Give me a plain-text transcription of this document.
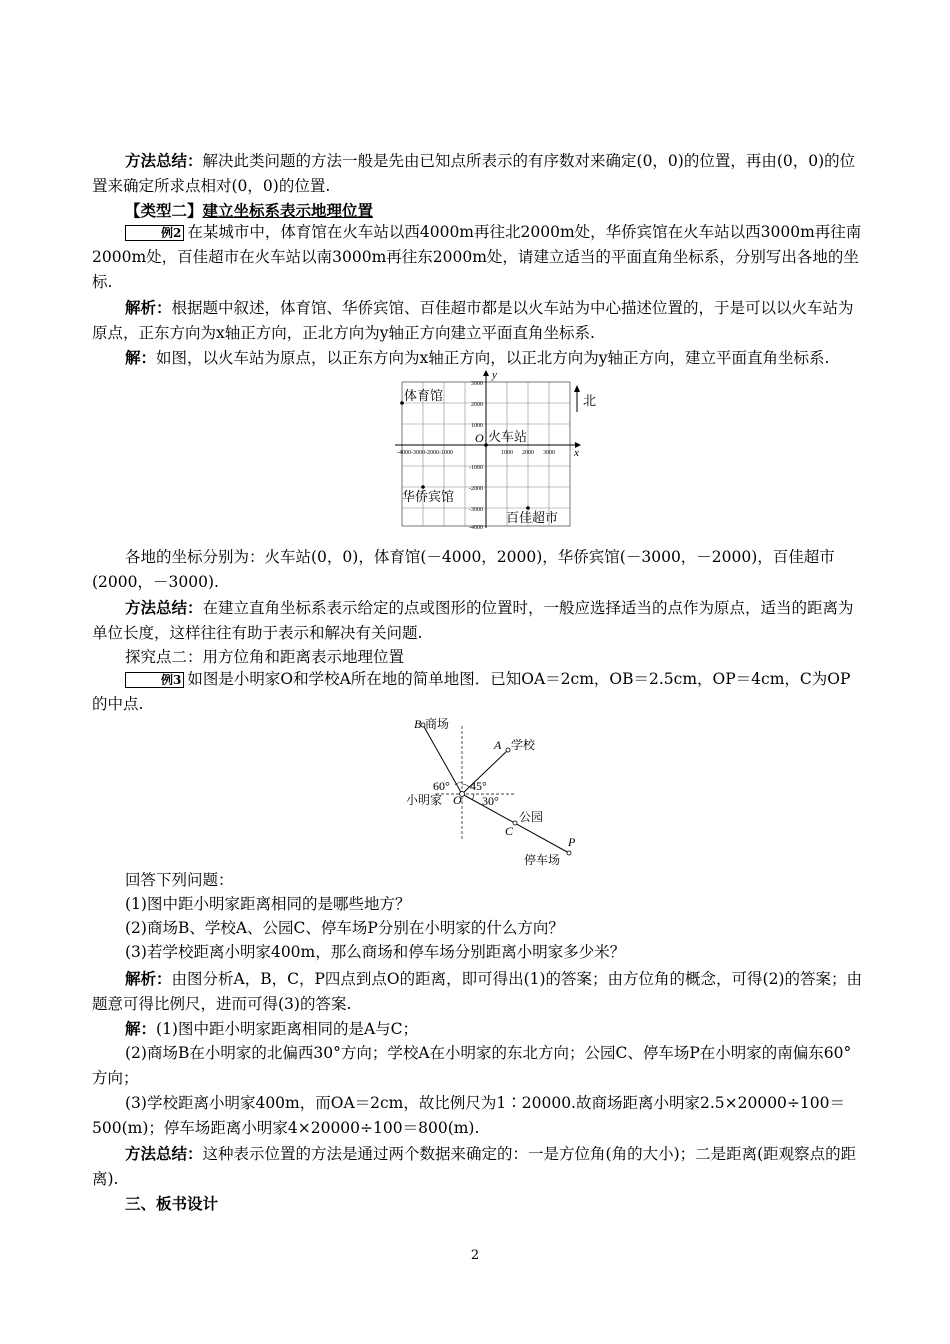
方法总结：解决此类问题的方法一般是先由已知点所表示的有序数对来确定(0，0)的位置，再由(0，0)的位置来确定所求点相对(0，0)的位置.

【类型二】建立坐标系表示地理位置

例2 在某城市中，体育馆在火车站以西4000m再往北2000m处，华侨宾馆在火车站以西3000m再往南2000m处，百佳超市在火车站以南3000m再往东2000m处，请建立适当的平面直角坐标系，分别写出各地的坐标.

解析：根据题中叙述，体育馆、华侨宾馆、百佳超市都是以火车站为中心描述位置的，于是可以以火车站为原点，正东方向为x轴正方向，正北方向为y轴正方向建立平面直角坐标系.

解：如图，以火车站为原点，以正东方向为x轴正方向，以正北方向为y轴正方向，建立平面直角坐标系.

y
x
O
3000
2000
1000
-1000
-2000
-3000
-4000
-4000-3000-2000-1000	1000 2000 3000
北
体育馆
火车站
华侨宾馆
百佳超市

各地的坐标分别为：火车站(0，0)，体育馆(－4000，2000)，华侨宾馆(－3000，－2000)，百佳超市(2000，－3000).

方法总结：在建立直角坐标系表示给定的点或图形的位置时，一般应选择适当的点作为原点，适当的距离为单位长度，这样往往有助于表示和解决有关问题.

探究点二：用方位角和距离表示地理位置

例3 如图是小明家O和学校A所在地的简单地图．已知OA＝2cm，OB＝2.5cm，OP＝4cm，C为OP的中点.

B 商场
A 学校
60° 45°
30°
小明家 O
公园
C
P
停车场

回答下列问题：

(1)图中距小明家距离相同的是哪些地方？

(2)商场B、学校A、公园C、停车场P分别在小明家的什么方向？

(3)若学校距离小明家400m，那么商场和停车场分别距离小明家多少米？

解析：由图分析A，B，C，P四点到点O的距离，即可得出(1)的答案；由方位角的概念，可得(2)的答案；由题意可得比例尺，进而可得(3)的答案.

解：(1)图中距小明家距离相同的是A与C；

(2)商场B在小明家的北偏西30°方向；学校A在小明家的东北方向；公园C、停车场P在小明家的南偏东60°方向；

(3)学校距离小明家400m，而OA＝2cm，故比例尺为1∶20000.故商场距离小明家2.5×20000÷100＝500(m)；停车场距离小明家4×20000÷100＝800(m).

方法总结：这种表示位置的方法是通过两个数据来确定的：一是方位角(角的大小)；二是距离(距观察点的距离).

三、板书设计

2
